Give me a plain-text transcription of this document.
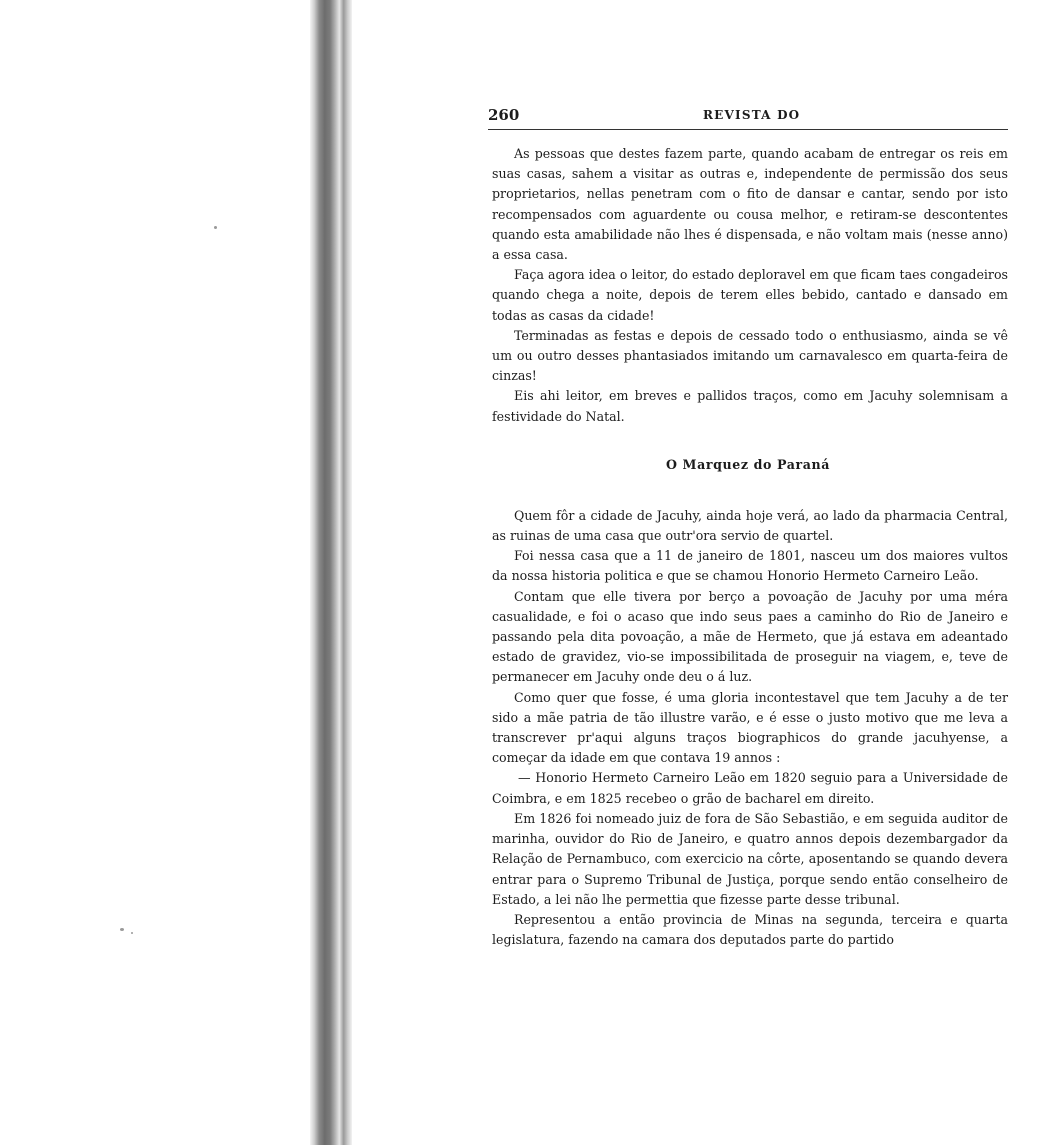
260	REVISTA DO

As pessoas que destes fazem parte, quando acabam de entregar os reis em suas casas, sahem a visitar as outras e, independente de permissão dos seus proprietarios, nellas penetram com o fito de dansar e cantar, sendo por isto recompensados com aguardente ou cousa melhor, e retiram-se descontentes quando esta amabilidade não lhes é dispensada, e não voltam mais (nesse anno) a essa casa.

Faça agora idea o leitor, do estado deploravel em que ficam taes congadeiros quando chega a noite, depois de terem elles bebido, cantado e dansado em todas as casas da cidade!

Terminadas as festas e depois de cessado todo o enthusiasmo, ainda se vê um ou outro desses phantasiados imitando um carnavalesco em quarta-feira de cinzas!

Eis ahi leitor, em breves e pallidos traços, como em Jacuhy solemnisam a festividade do Natal.

O Marquez do Paraná

Quem fôr a cidade de Jacuhy, ainda hoje verá, ao lado da pharmacia Central, as ruinas de uma casa que outr'ora servio de quartel.

Foi nessa casa que a 11 de janeiro de 1801, nasceu um dos maiores vultos da nossa historia politica e que se chamou Honorio Hermeto Carneiro Leão.

Contam que elle tivera por berço a povoação de Jacuhy por uma méra casualidade, e foi o acaso que indo seus paes a caminho do Rio de Janeiro e passando pela dita povoação, a mãe de Hermeto, que já estava em adeantado estado de gravidez, vio-se impossibilitada de proseguir na viagem, e, teve de permanecer em Jacuhy onde deu o á luz.

Como quer que fosse, é uma gloria incontestavel que tem Jacuhy a de ter sido a mãe patria de tão illustre varão, e é esse o justo motivo que me leva a transcrever pr'aqui alguns traços biographicos do grande jacuhyense, a começar da idade em que contava 19 annos :

— Honorio Hermeto Carneiro Leão em 1820 seguio para a Universidade de Coimbra, e em 1825 recebeo o grão de bacharel em direito.

Em 1826 foi nomeado juiz de fora de São Sebastião, e em seguida auditor de marinha, ouvidor do Rio de Janeiro, e quatro annos depois dezembargador da Relação de Pernambuco, com exercicio na côrte, aposentando se quando devera entrar para o Supremo Tribunal de Justiça, porque sendo então conselheiro de Estado, a lei não lhe permettia que fizesse parte desse tribunal.

Representou a então provincia de Minas na segunda, terceira e quarta legislatura, fazendo na camara dos deputados parte do partido
